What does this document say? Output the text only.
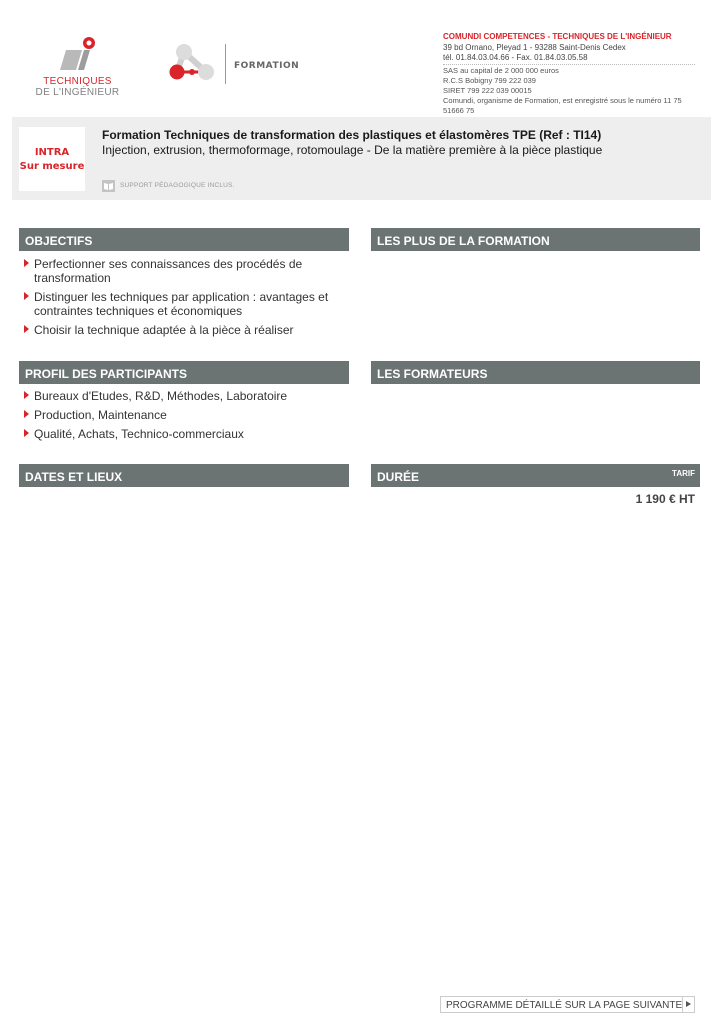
TECHNIQUES
DE L'INGÉNIEUR
FORMATION
COMUNDI COMPETENCES - TECHNIQUES DE L'INGÉNIEUR
39 bd Ornano, Pleyad 1 - 93288 Saint-Denis Cedex
tél. 01.84.03.04.66 - Fax. 01.84.03.05.58
SAS au capital de 2 000 000 euros
R.C.S Bobigny 799 222 039
SIRET 799 222 039 00015
Comundi, organisme de Formation, est enregistré sous le numéro 11 75 51666 75
INTRA
Sur mesure
Formation Techniques de transformation des plastiques et élastomères TPE (Ref : TI14)
Injection, extrusion, thermoformage, rotomoulage - De la matière première à la pièce plastique
SUPPORT PÉDAGOGIQUE INCLUS.
OBJECTIFS	LES PLUS DE LA FORMATION
Perfectionner ses connaissances des procédés de transformation
Distinguer les techniques par application : avantages et contraintes techniques et économiques
Choisir la technique adaptée à la pièce à réaliser
PROFIL DES PARTICIPANTS	LES FORMATEURS
Bureaux d'Etudes, R&D, Méthodes, Laboratoire
Production, Maintenance
Qualité, Achats, Technico-commerciaux
DATES ET LIEUX	DURÉE	TARIF
1 190 € HT
PROGRAMME DÉTAILLÉ SUR LA PAGE SUIVANTE
